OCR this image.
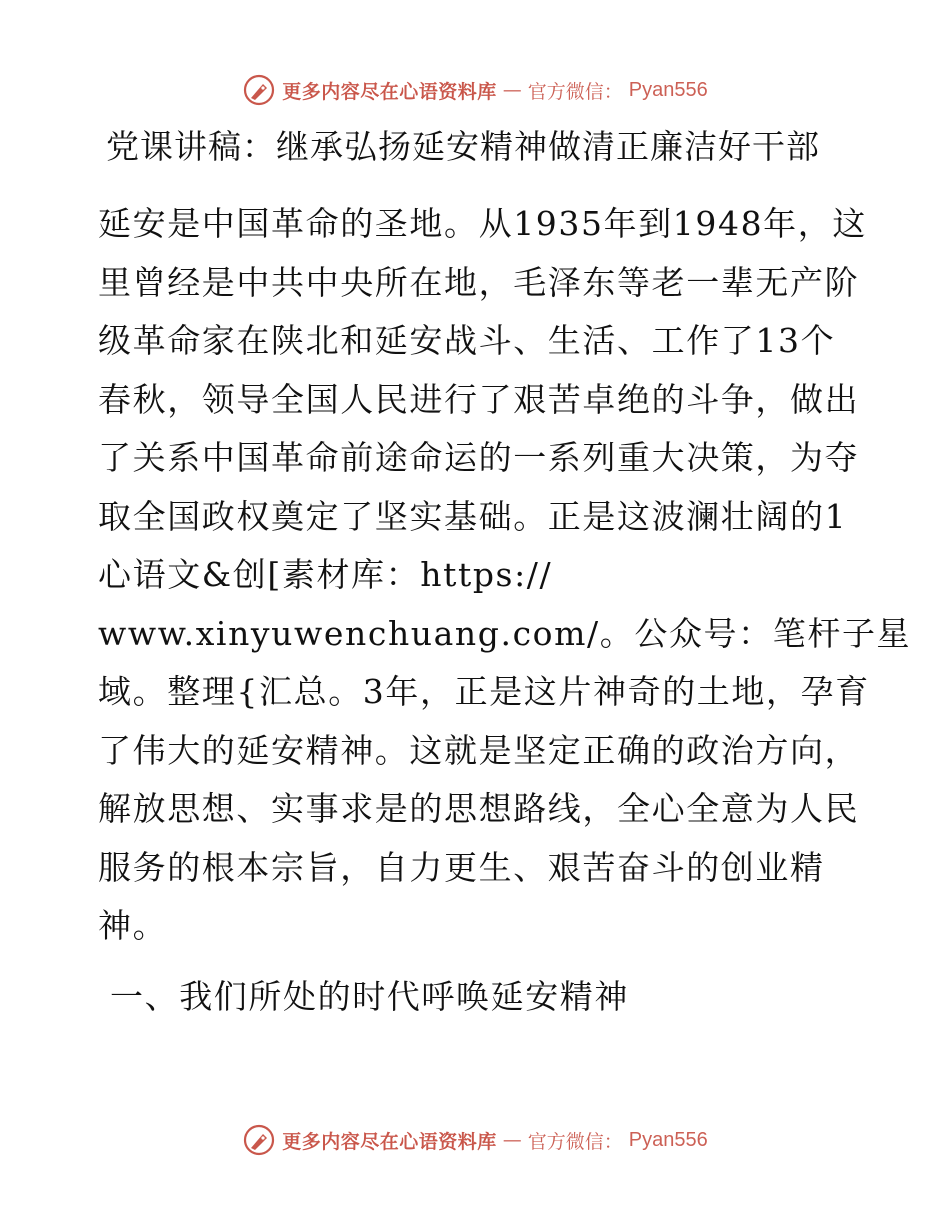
更多内容尽在心语资料库 — 官方微信： Pyan556
党课讲稿：继承弘扬延安精神做清正廉洁好干部
延安是中国革命的圣地。从1935年到1948年，这
里曾经是中共中央所在地，毛泽东等老一辈无产阶
级革命家在陕北和延安战斗、生活、工作了13个
春秋，领导全国人民进行了艰苦卓绝的斗争，做出
了关系中国革命前途命运的一系列重大决策，为夺
取全国政权奠定了坚实基础。正是这波澜壮阔的1
心语文&创[素材库：https://
www.xinyuwenchuang.com/。公众号：笔杆子星
域。整理{汇总。3年，正是这片神奇的土地，孕育
了伟大的延安精神。这就是坚定正确的政治方向，
解放思想、实事求是的思想路线，全心全意为人民
服务的根本宗旨，自力更生、艰苦奋斗的创业精
神。
一、我们所处的时代呼唤延安精神
更多内容尽在心语资料库 — 官方微信： Pyan556
